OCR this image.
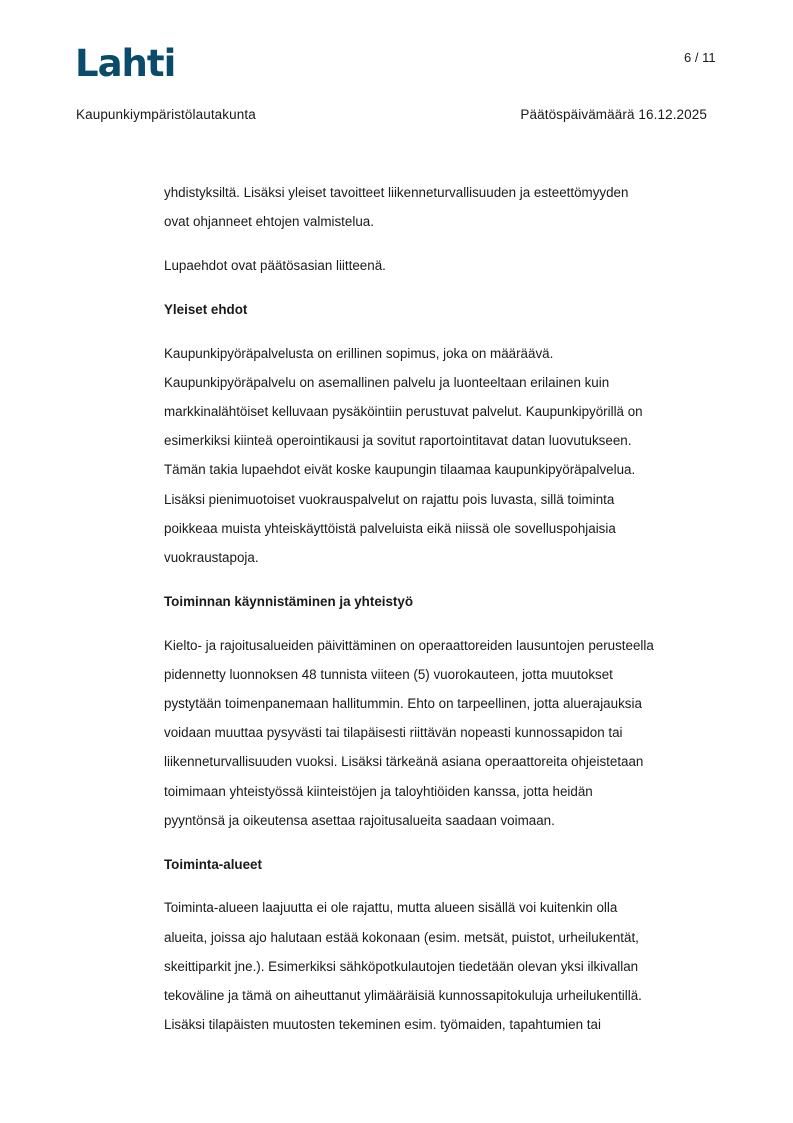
Lahti	6 / 11
Kaupunkiympäristölautakunta	Päätöspäivämäärä 16.12.2025

yhdistyksiltä. Lisäksi yleiset tavoitteet liikenneturvallisuuden ja esteettömyyden
ovat ohjanneet ehtojen valmistelua.

Lupaehdot ovat päätösasian liitteenä.

Yleiset ehdot

Kaupunkipyöräpalvelusta on erillinen sopimus, joka on määräävä.
Kaupunkipyöräpalvelu on asemallinen palvelu ja luonteeltaan erilainen kuin
markkinalähtöiset kelluvaan pysäköintiin perustuvat palvelut. Kaupunkipyörillä on
esimerkiksi kiinteä operointikausi ja sovitut raportointitavat datan luovutukseen.
Tämän takia lupaehdot eivät koske kaupungin tilaamaa kaupunkipyöräpalvelua.
Lisäksi pienimuotoiset vuokrauspalvelut on rajattu pois luvasta, sillä toiminta
poikkeaa muista yhteiskäyttöistä palveluista eikä niissä ole sovelluspohjaisia
vuokraustapoja.

Toiminnan käynnistäminen ja yhteistyö

Kielto- ja rajoitusalueiden päivittäminen on operaattoreiden lausuntojen perusteella
pidennetty luonnoksen 48 tunnista viiteen (5) vuorokauteen, jotta muutokset
pystytään toimenpanemaan hallitummin. Ehto on tarpeellinen, jotta aluerajauksia
voidaan muuttaa pysyvästi tai tilapäisesti riittävän nopeasti kunnossapidon tai
liikenneturvallisuuden vuoksi. Lisäksi tärkeänä asiana operaattoreita ohjeistetaan
toimimaan yhteistyössä kiinteistöjen ja taloyhtiöiden kanssa, jotta heidän
pyyntönsä ja oikeutensa asettaa rajoitusalueita saadaan voimaan.

Toiminta-alueet

Toiminta-alueen laajuutta ei ole rajattu, mutta alueen sisällä voi kuitenkin olla
alueita, joissa ajo halutaan estää kokonaan (esim. metsät, puistot, urheilukentät,
skeittiparkit jne.). Esimerkiksi sähköpotkulautojen tiedetään olevan yksi ilkivallan
tekoväline ja tämä on aiheuttanut ylimääräisiä kunnossapitokuluja urheilukentillä.
Lisäksi tilapäisten muutosten tekeminen esim. työmaiden, tapahtumien tai
